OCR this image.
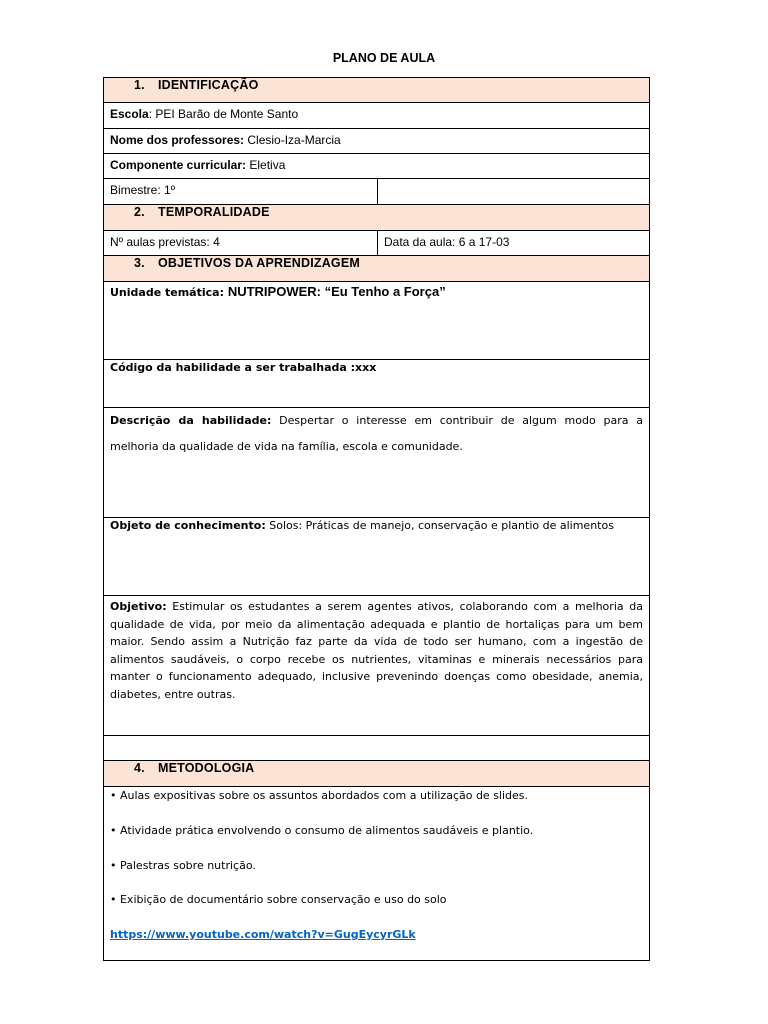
PLANO DE AULA
1. IDENTIFICAÇÃO
Escola: PEI Barão de Monte Santo
Nome dos professores: Clesio-Iza-Marcia
Componente curricular: Eletiva
Bimestre: 1º
2. TEMPORALIDADE
Nº aulas previstas: 4	Data da aula: 6 a 17-03
3. OBJETIVOS DA APRENDIZAGEM
Unidade temática: NUTRIPOWER: “Eu Tenho a Força”
Código da habilidade a ser trabalhada :xxx
Descrição da habilidade: Despertar o interesse em contribuir de algum modo para a melhoria da qualidade de vida na família, escola e comunidade.
Objeto de conhecimento: Solos: Práticas de manejo, conservação e plantio de alimentos
Objetivo: Estimular os estudantes a serem agentes ativos, colaborando com a melhoria da qualidade de vida, por meio da alimentação adequada e plantio de hortaliças para um bem maior. Sendo assim a Nutrição faz parte da vida de todo ser humano, com a ingestão de alimentos saudáveis, o corpo recebe os nutrientes, vitaminas e minerais necessários para manter o funcionamento adequado, inclusive prevenindo doenças como obesidade, anemia, diabetes, entre outras.
4. METODOLOGIA
• Aulas expositivas sobre os assuntos abordados com a utilização de slides.
• Atividade prática envolvendo o consumo de alimentos saudáveis e plantio.
• Palestras sobre nutrição.
• Exibição de documentário sobre conservação e uso do solo
https://www.youtube.com/watch?v=GugEycyrGLk
